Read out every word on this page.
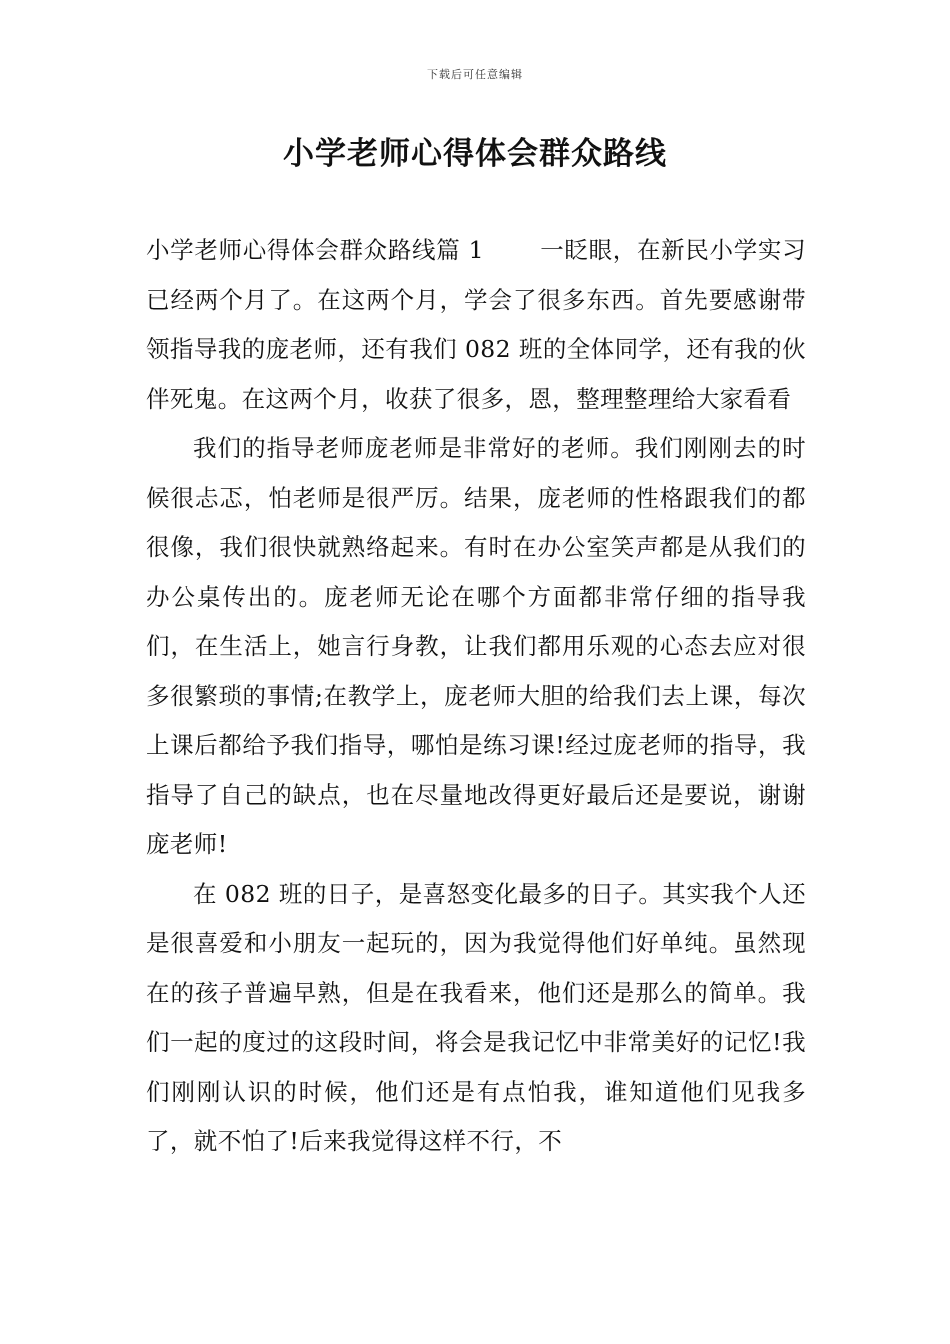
下载后可任意编辑
小学老师心得体会群众路线

小学老师心得体会群众路线篇 1 一眨眼，在新民小学实习已经两个月了。在这两个月，学会了很多东西。首先要感谢带领指导我的庞老师，还有我们 082 班的全体同学，还有我的伙伴死鬼。在这两个月，收获了很多，恩，整理整理给大家看看

我们的指导老师庞老师是非常好的老师。我们刚刚去的时候很忐忑，怕老师是很严厉。结果，庞老师的性格跟我们的都很像，我们很快就熟络起来。有时在办公室笑声都是从我们的办公桌传出的。庞老师无论在哪个方面都非常仔细的指导我们，在生活上，她言行身教，让我们都用乐观的心态去应对很多很繁琐的事情;在教学上，庞老师大胆的给我们去上课，每次上课后都给予我们指导，哪怕是练习课!经过庞老师的指导，我指导了自己的缺点，也在尽量地改得更好最后还是要说，谢谢庞老师!

在 082 班的日子，是喜怒变化最多的日子。其实我个人还是很喜爱和小朋友一起玩的，因为我觉得他们好单纯。虽然现在的孩子普遍早熟，但是在我看来，他们还是那么的简单。我们一起的度过的这段时间，将会是我记忆中非常美好的记忆!我们刚刚认识的时候，他们还是有点怕我，谁知道他们见我多了，就不怕了!后来我觉得这样不行，不
